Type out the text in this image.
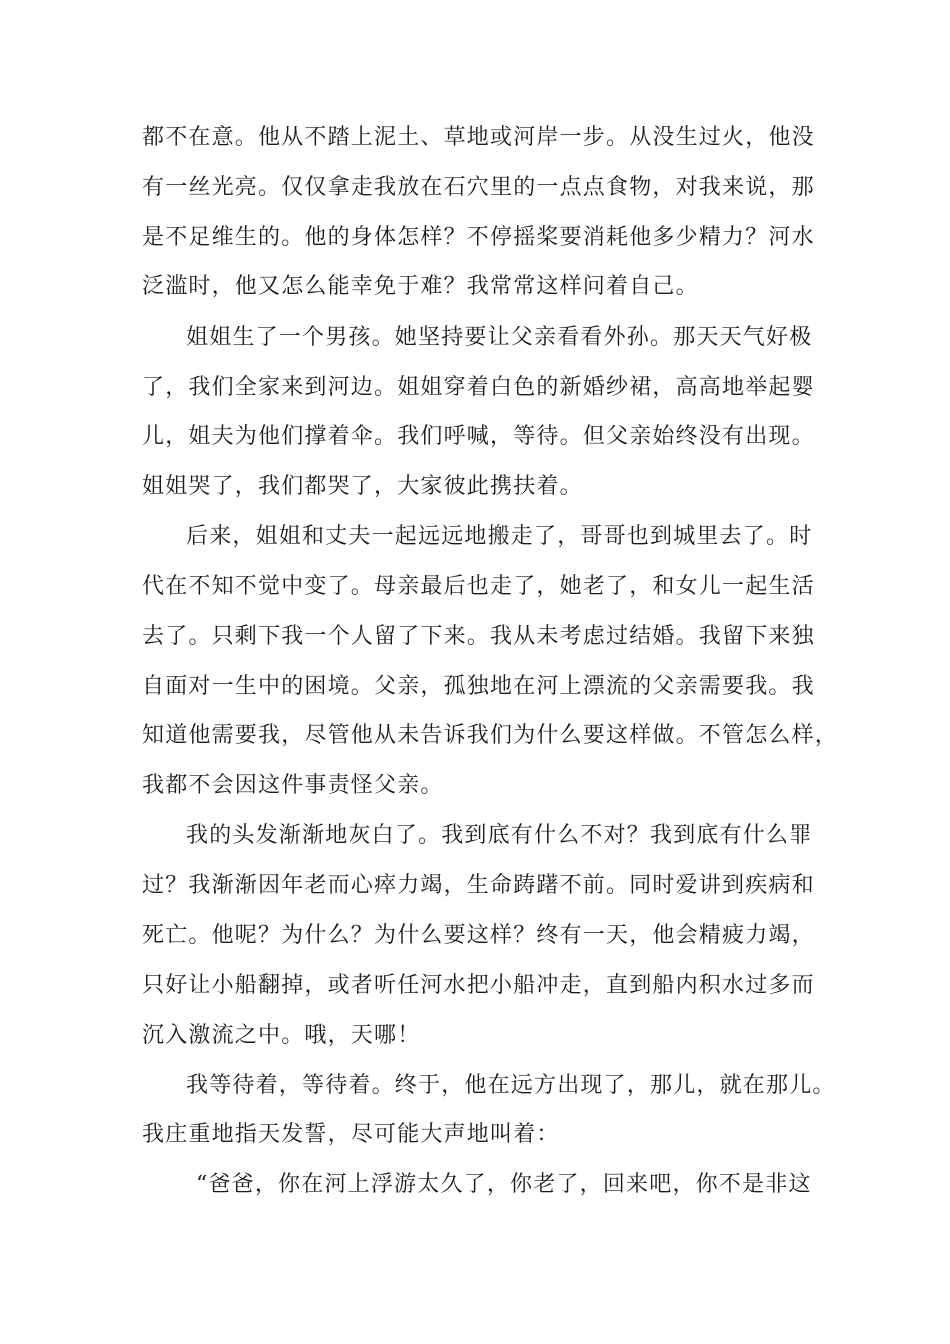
都不在意。他从不踏上泥土、草地或河岸一步。从没生过火，他没
有一丝光亮。仅仅拿走我放在石穴里的一点点食物，对我来说，那
是不足维生的。他的身体怎样？不停摇桨要消耗他多少精力？河水
泛滥时，他又怎么能幸免于难？我常常这样问着自己。
姐姐生了一个男孩。她坚持要让父亲看看外孙。那天天气好极
了，我们全家来到河边。姐姐穿着白色的新婚纱裙，高高地举起婴
儿，姐夫为他们撑着伞。我们呼喊，等待。但父亲始终没有出现。
姐姐哭了，我们都哭了，大家彼此携扶着。
后来，姐姐和丈夫一起远远地搬走了，哥哥也到城里去了。时
代在不知不觉中变了。母亲最后也走了，她老了，和女儿一起生活
去了。只剩下我一个人留了下来。我从未考虑过结婚。我留下来独
自面对一生中的困境。父亲，孤独地在河上漂流的父亲需要我。我
知道他需要我，尽管他从未告诉我们为什么要这样做。不管怎么样，
我都不会因这件事责怪父亲。
我的头发渐渐地灰白了。我到底有什么不对？我到底有什么罪
过？我渐渐因年老而心瘁力竭，生命踌躇不前。同时爱讲到疾病和
死亡。他呢？为什么？为什么要这样？终有一天，他会精疲力竭，
只好让小船翻掉，或者听任河水把小船冲走，直到船内积水过多而
沉入激流之中。哦，天哪！
我等待着，等待着。终于，他在远方出现了，那儿，就在那儿。
我庄重地指天发誓，尽可能大声地叫着：
“爸爸，你在河上浮游太久了，你老了，回来吧，你不是非这
